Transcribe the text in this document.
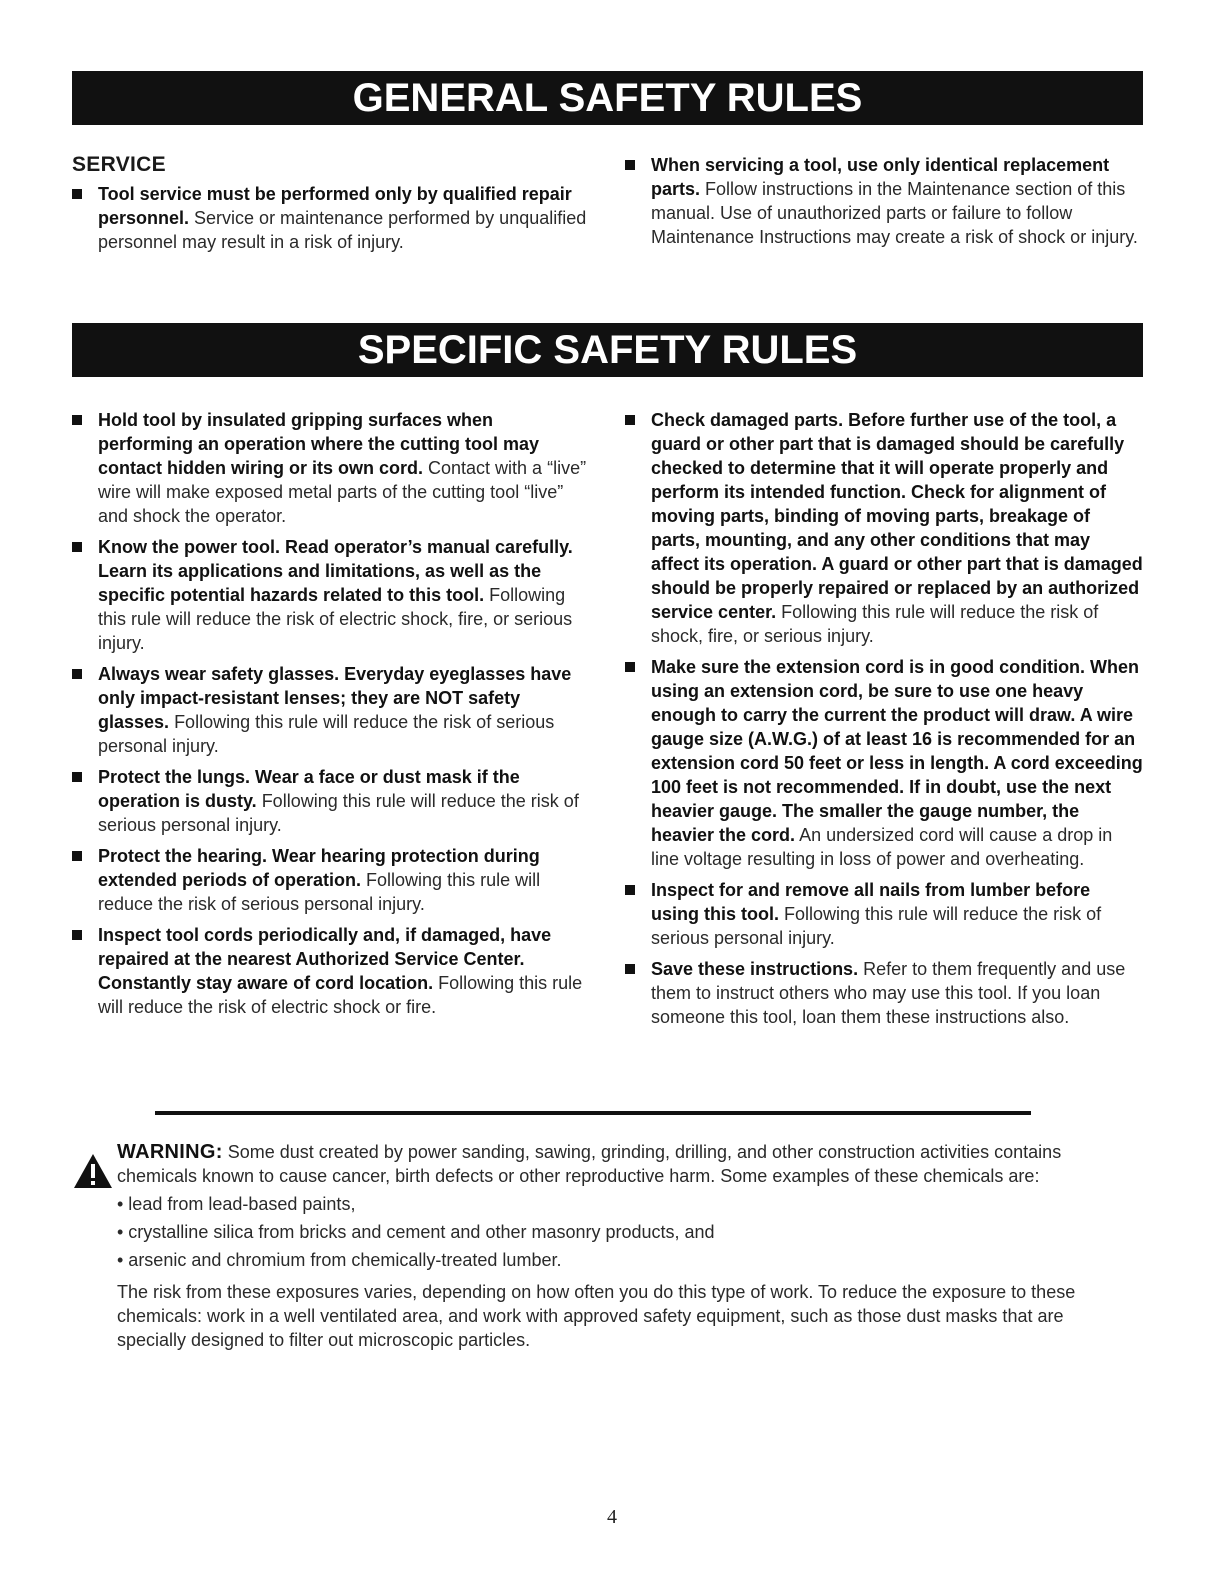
GENERAL SAFETY RULES
SERVICE
Tool service must be performed only by qualified repair personnel. Service or maintenance performed by unqualified personnel may result in a risk of injury.
When servicing a tool, use only identical replacement parts. Follow instructions in the Maintenance section of this manual. Use of unauthorized parts or failure to follow Maintenance Instructions may create a risk of shock or injury.
SPECIFIC SAFETY RULES
Hold tool by insulated gripping surfaces when performing an operation where the cutting tool may contact hidden wiring or its own cord. Contact with a “live” wire will make exposed metal parts of the cutting tool “live” and shock the operator.
Know the power tool. Read operator’s manual carefully. Learn its applications and limitations, as well as the specific potential hazards related to this tool. Following this rule will reduce the risk of electric shock, fire, or serious injury.
Always wear safety glasses. Everyday eyeglasses have only impact-resistant lenses; they are NOT safety glasses. Following this rule will reduce the risk of serious personal injury.
Protect the lungs. Wear a face or dust mask if the operation is dusty. Following this rule will reduce the risk of serious personal injury.
Protect the hearing. Wear hearing protection during extended periods of operation. Following this rule will reduce the risk of serious personal injury.
Inspect tool cords periodically and, if damaged, have repaired at the nearest Authorized Service Center. Constantly stay aware of cord location. Following this rule will reduce the risk of electric shock or fire.
Check damaged parts. Before further use of the tool, a guard or other part that is damaged should be carefully checked to determine that it will operate properly and perform its intended function. Check for alignment of moving parts, binding of moving parts, breakage of parts, mounting, and any other conditions that may affect its operation. A guard or other part that is damaged should be properly repaired or replaced by an authorized service center. Following this rule will reduce the risk of shock, fire, or serious injury.
Make sure the extension cord is in good condition. When using an extension cord, be sure to use one heavy enough to carry the current the product will draw. A wire gauge size (A.W.G.) of at least 16 is recommended for an extension cord 50 feet or less in length. A cord exceeding 100 feet is not recommended. If in doubt, use the next heavier gauge. The smaller the gauge number, the heavier the cord. An undersized cord will cause a drop in line voltage resulting in loss of power and overheating.
Inspect for and remove all nails from lumber before using this tool. Following this rule will reduce the risk of serious personal injury.
Save these instructions. Refer to them frequently and use them to instruct others who may use this tool. If you loan someone this tool, loan them these instructions also.
WARNING: Some dust created by power sanding, sawing, grinding, drilling, and other construction activities contains chemicals known to cause cancer, birth defects or other reproductive harm. Some examples of these chemicals are:
• lead from lead-based paints,
• crystalline silica from bricks and cement and other masonry products, and
• arsenic and chromium from chemically-treated lumber.
The risk from these exposures varies, depending on how often you do this type of work. To reduce the exposure to these chemicals: work in a well ventilated area, and work with approved safety equipment, such as those dust masks that are specially designed to filter out microscopic particles.
4
